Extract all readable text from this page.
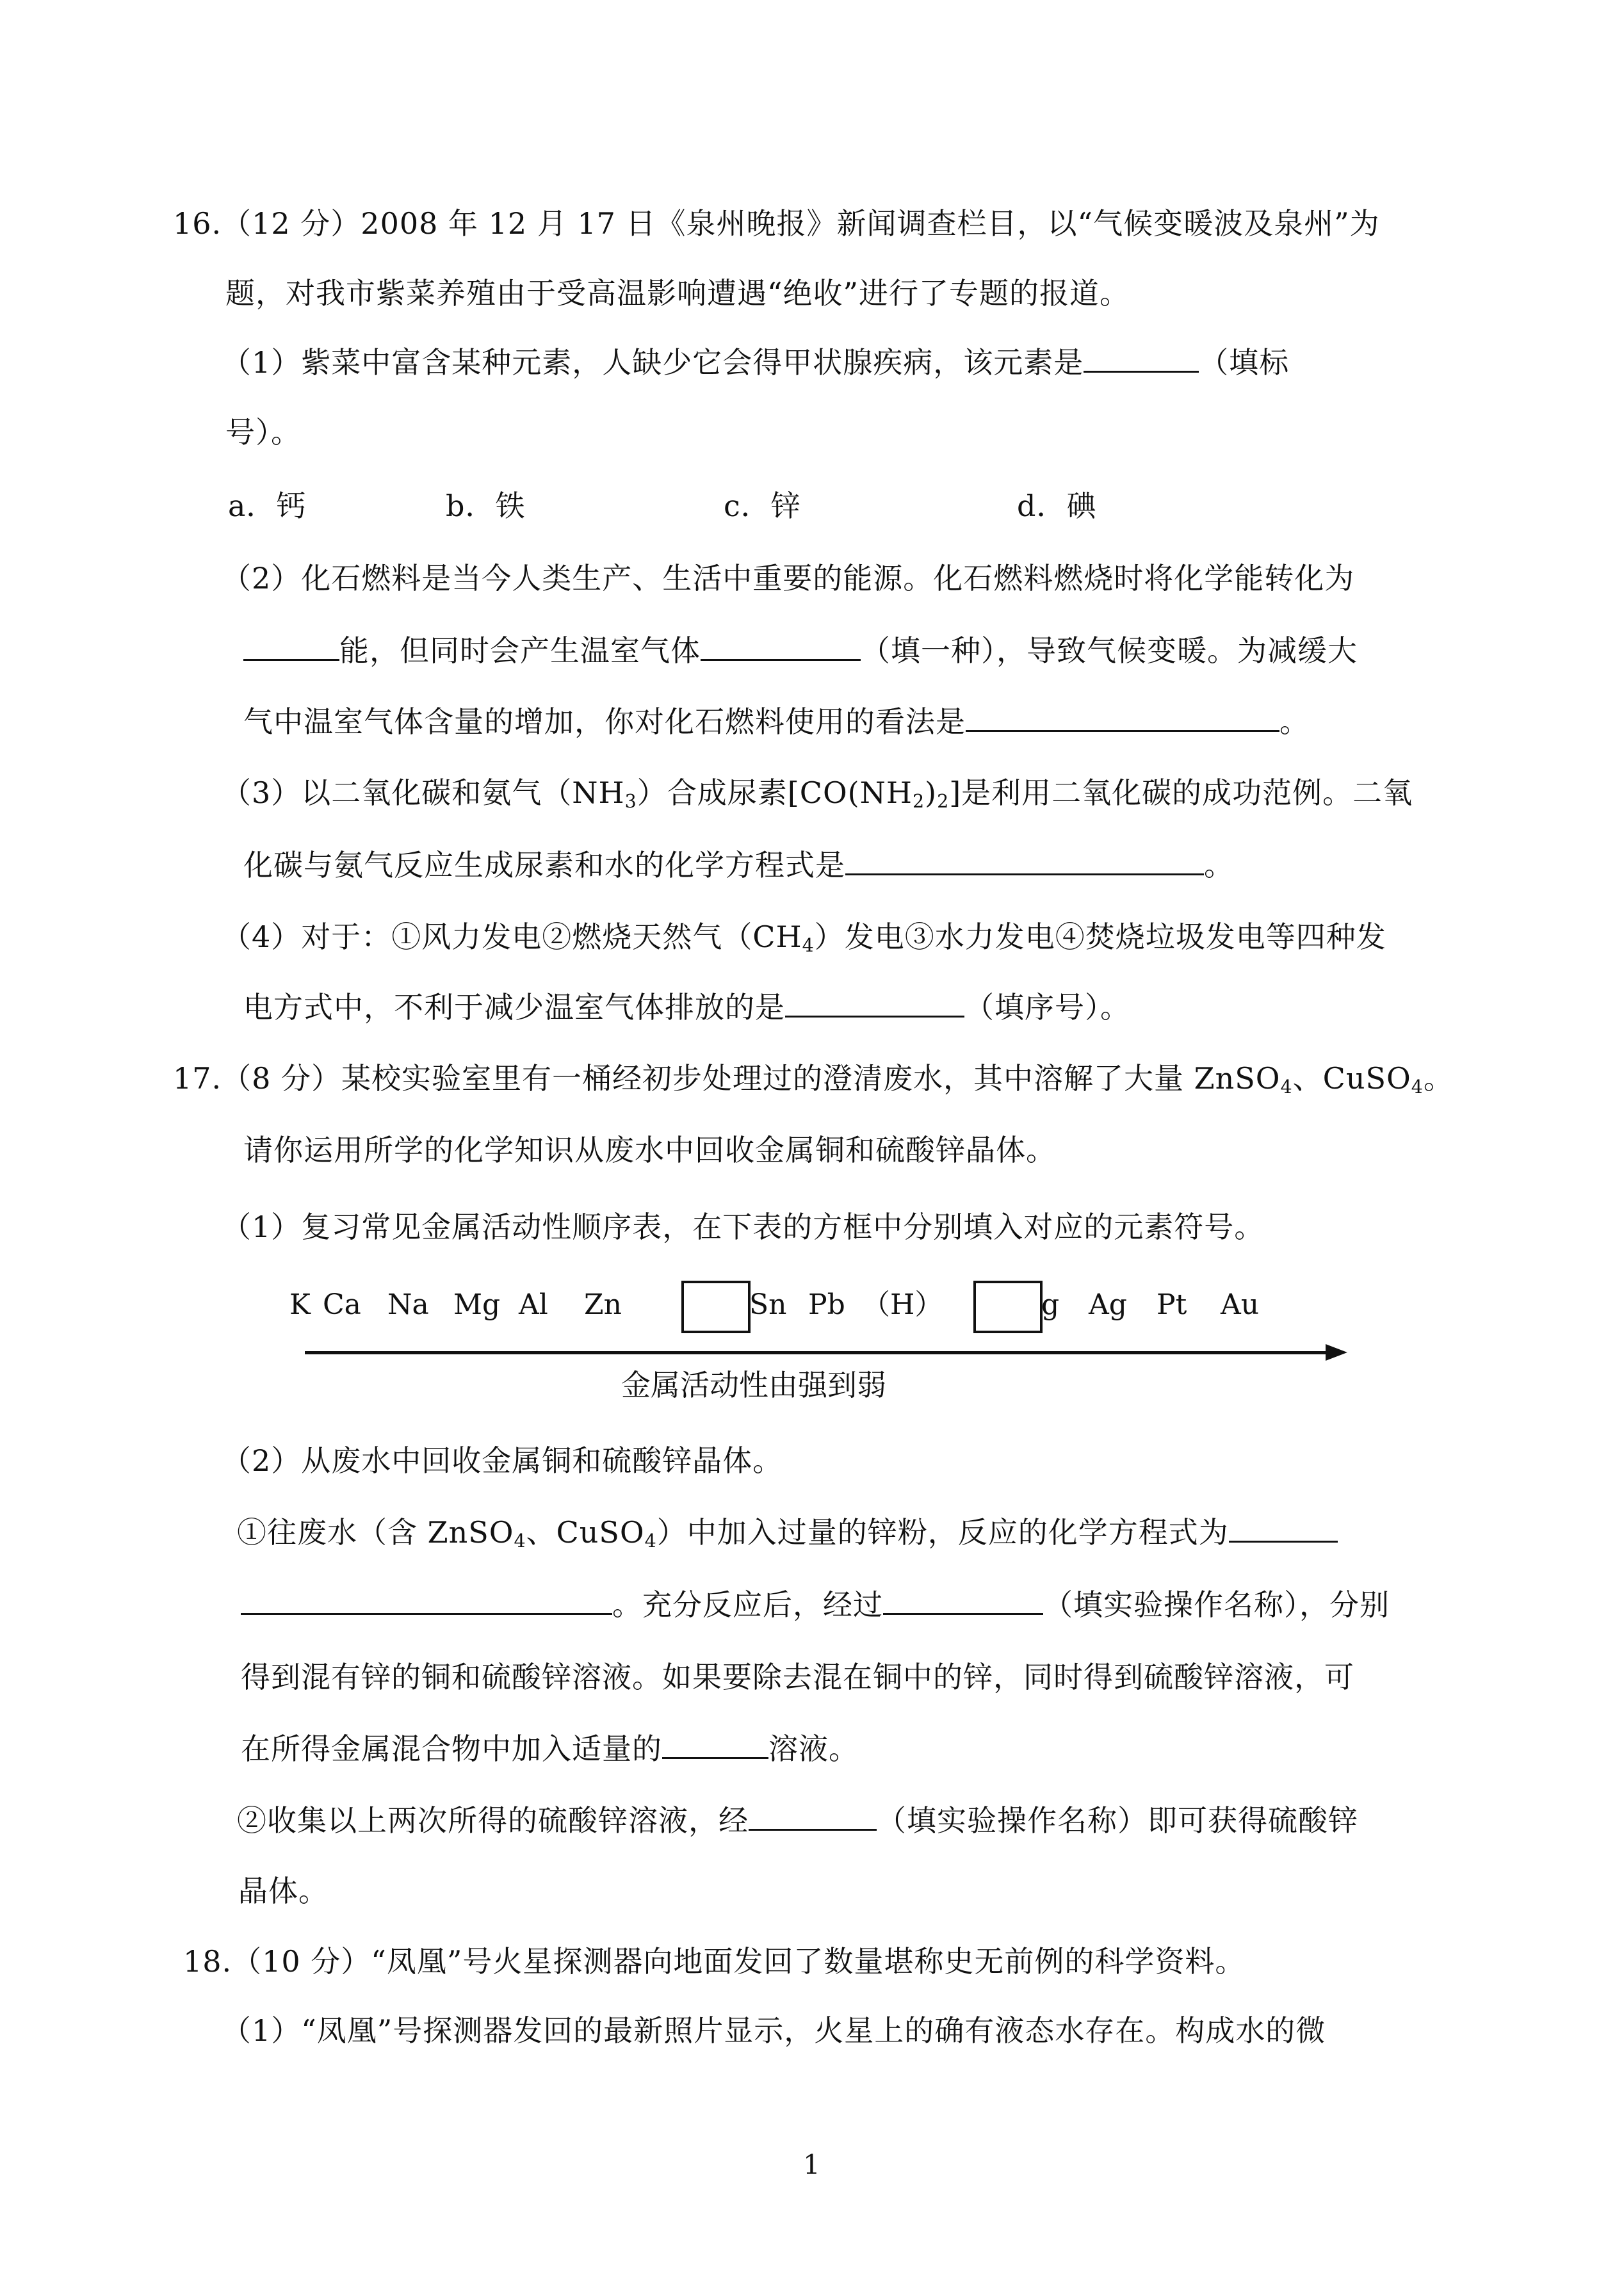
16.（12 分）2008 年 12 月 17 日《泉州晚报》新闻调查栏目，以“气候变暖波及泉州”为
题，对我市紫菜养殖由于受高温影响遭遇“绝收”进行了专题的报道。
（1）紫菜中富含某种元素，人缺少它会得甲状腺疾病，该元素是	（填标
号）。
a．钙	b．铁	c．锌	d．碘
（2）化石燃料是当今人类生产、生活中重要的能源。化石燃料燃烧时将化学能转化为
能，但同时会产生温室气体	（填一种），导致气候变暖。为减缓大
气中温室气体含量的增加，你对化石燃料使用的看法是	。
（3）以二氧化碳和氨气$(NH_3)$合成尿素$[CO(NH_2)_2]$是利用二氧化碳的成功范例。二氧
化碳与氨气反应生成尿素和水的化学方程式是	。
（4）对于：①风力发电②燃烧天然气$(CH_4)$发电③水力发电④焚烧垃圾发电等四种发
电方式中，不利于减少温室气体排放的是	（填序号）。
17.（8 分）某校实验室里有一桶经初步处理过的澄清废水，其中溶解了大量 ZnSO$_4$、CuSO$_4$。
请你运用所学的化学知识从废水中回收金属铜和硫酸锌晶体。
（1）复习常见金属活动性顺序表，在下表的方框中分别填入对应的元素符号。
K Ca Na Mg Al Zn	Sn Pb （H）	g Ag Pt Au
金属活动性由强到弱
（2）从废水中回收金属铜和硫酸锌晶体。
①往废水（含 ZnSO$_4$、CuSO$_4$）中加入过量的锌粉，反应的化学方程式为
。充分反应后，经过	（填实验操作名称），分别
得到混有锌的铜和硫酸锌溶液。如果要除去混在铜中的锌，同时得到硫酸锌溶液，可
在所得金属混合物中加入适量的	溶液。
②收集以上两次所得的硫酸锌溶液，经	（填实验操作名称）即可获得硫酸锌
晶体。
18.（10 分）“凤凰”号火星探测器向地面发回了数量堪称史无前例的科学资料。
（1）“凤凰”号探测器发回的最新照片显示，火星上的确有液态水存在。构成水的微
1
